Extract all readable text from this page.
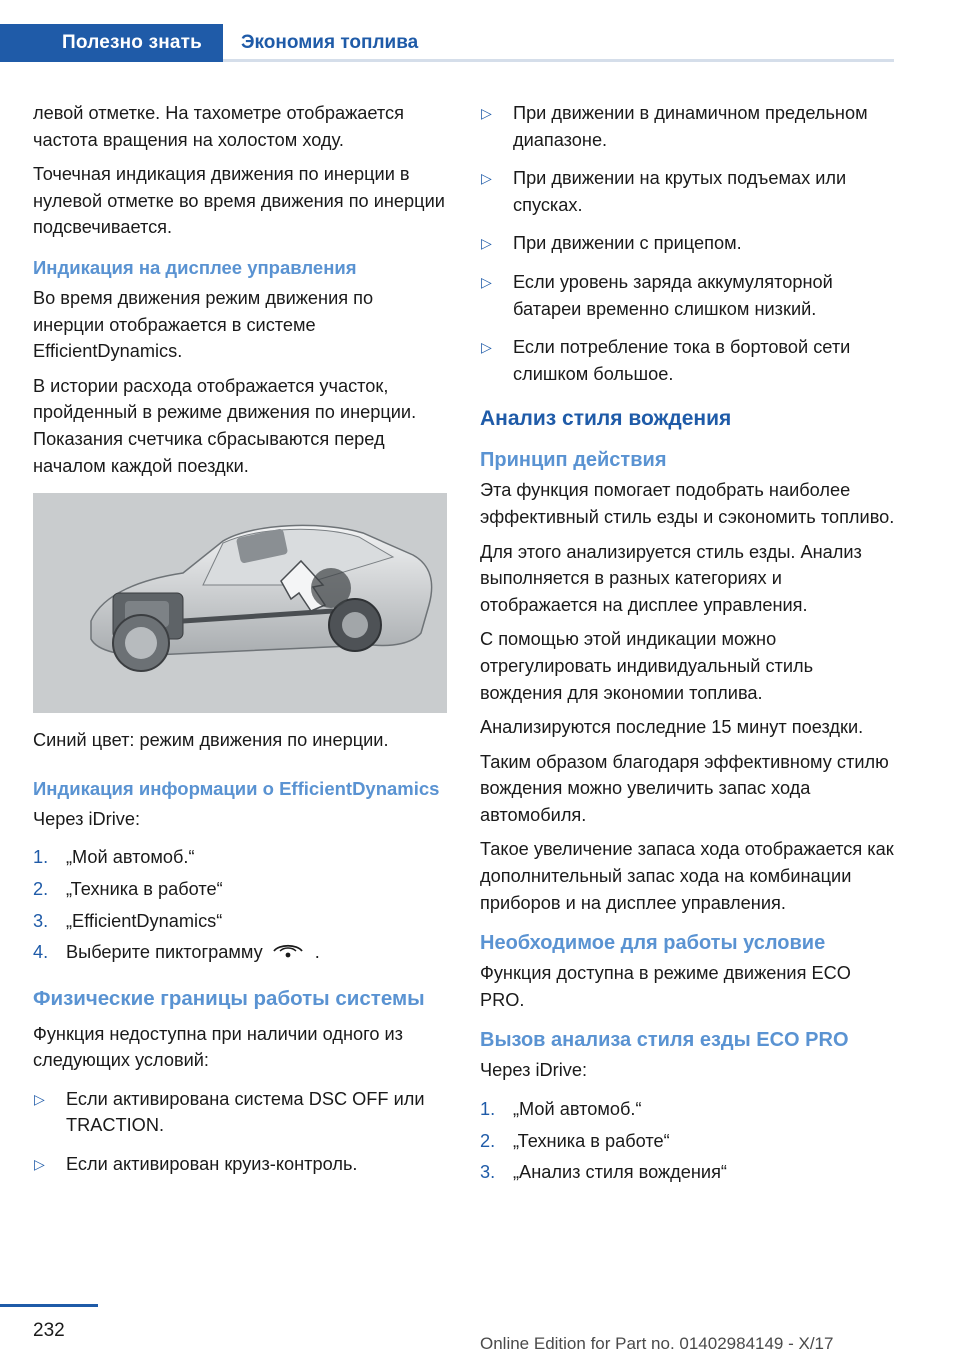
Полезно знать	Экономия топлива

левой отметке. На тахометре отображается частота вращения на холостом ходу.

Точечная индикация движения по инерции в нулевой отметке во время движения по инерции подсвечивается.

Индикация на дисплее управления

Во время движения режим движения по инерции отображается в системе EfficientDynamics.

В истории расхода отображается участок, пройденный в режиме движения по инерции. Показания счетчика сбрасываются перед началом каждой поездки.

Синий цвет: режим движения по инерции.

Индикация информации о EfficientDynamics

Через iDrive:

1. „Мой автомоб.“
2. „Техника в работе“
3. „EfficientDynamics“
4. Выберите пиктограмму	.
Физические границы работы системы

Функция недоступна при наличии одного из следующих условий:

▷ Если активирована система DSC OFF или TRACTION.
▷ Если активирован круиз-контроль.
▷ При движении в динамичном предельном диапазоне.
▷ При движении на крутых подъемах или спусках.
▷ При движении с прицепом.
▷ Если уровень заряда аккумуляторной батареи временно слишком низкий.
▷ Если потребление тока в бортовой сети слишком большое.
Анализ стиля вождения
Принцип действия

Эта функция помогает подобрать наиболее эффективный стиль езды и сэкономить топливо.

Для этого анализируется стиль езды. Анализ выполняется в разных категориях и отображается на дисплее управления.

С помощью этой индикации можно отрегулировать индивидуальный стиль вождения для экономии топлива.

Анализируются последние 15 минут поездки.

Таким образом благодаря эффективному стилю вождения можно увеличить запас хода автомобиля.

Такое увеличение запаса хода отображается как дополнительный запас хода на комбинации приборов и на дисплее управления.

Необходимое для работы условие

Функция доступна в режиме движения ECO PRO.

Вызов анализа стиля езды ECO PRO

Через iDrive:

1. „Мой автомоб.“
2. „Техника в работе“
3. „Анализ стиля вождения“
232
Online Edition for Part no. 01402984149 - X/17
